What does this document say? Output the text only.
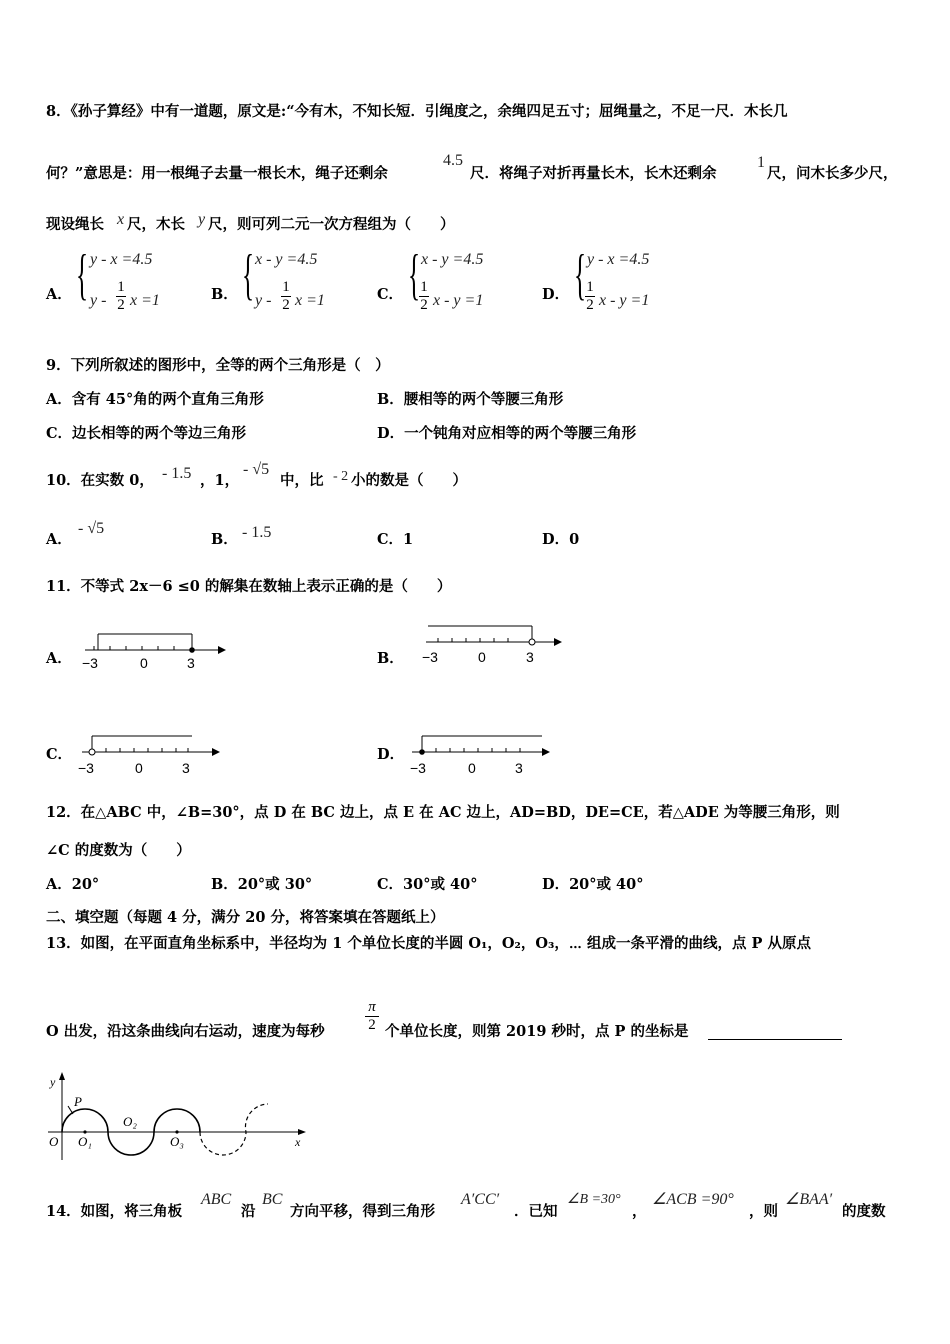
8．《孙子算经》中有一道题，原文是:“今有木，不知长短．引绳度之，余绳四足五寸；屈绳量之，不足一尺．木长几
何？”意思是：用一根绳子去量一根长木，绳子还剩余
4.5
尺．将绳子对折再量长木，长木还剩余
1
尺，问木长多少尺，
现设绳长 x 尺，木长 y 尺，则可列二元一次方程组为（　　）
A． { y - x =4.5
y -
1
2 x =1	B． { x - y =4.5
y -
1
2 x =1	C． { x - y =4.5
1
2 x - y =1	D． { y - x =4.5
1
2 x - y =1
9．下列所叙述的图形中，全等的两个三角形是（　）
A．含有 45°角的两个直角三角形	B．腰相等的两个等腰三角形
C．边长相等的两个等边三角形	D．一个钝角对应相等的两个等腰三角形
10．在实数 0， - 1.5 ，1，
- √5
中，比 - 2 小的数是（　　）
A．
- √5
B． - 1.5	C．1	D．0
11．不等式 2x－6 ≤0 的解集在数轴上表示正确的是（　　）
A． −3	0	3	B． −3	0	3
C．
−3	0	3
D．
−3	0	3
12．在△ABC 中，∠B=30°，点 D 在 BC 边上，点 E 在 AC 边上，AD=BD，DE=CE，若△ADE 为等腰三角形，则
∠C 的度数为（　　）
A．20°	B．20°或 30°	C．30°或 40°	D．20°或 40°
二、填空题（每题 4 分，满分 20 分，将答案填在答题纸上）
13．如图，在平面直角坐标系中，半径均为 1 个单位长度的半圆 O₁，O₂，O₃，⋯ 组成一条平滑的曲线，点 P 从原点
O 出发，沿这条曲线向右运动，速度为每秒
π
2 个单位长度，则第 2019 秒时，点 P 的坐标是
y
x
P
O O₁
O₂
O₃
14．如图，将三角板
ABC
沿
BC
方向平移，得到三角形
A′CC′
．已知
∠B =30°
，
∠ACB =90°
，则
∠BAA′
的度数
